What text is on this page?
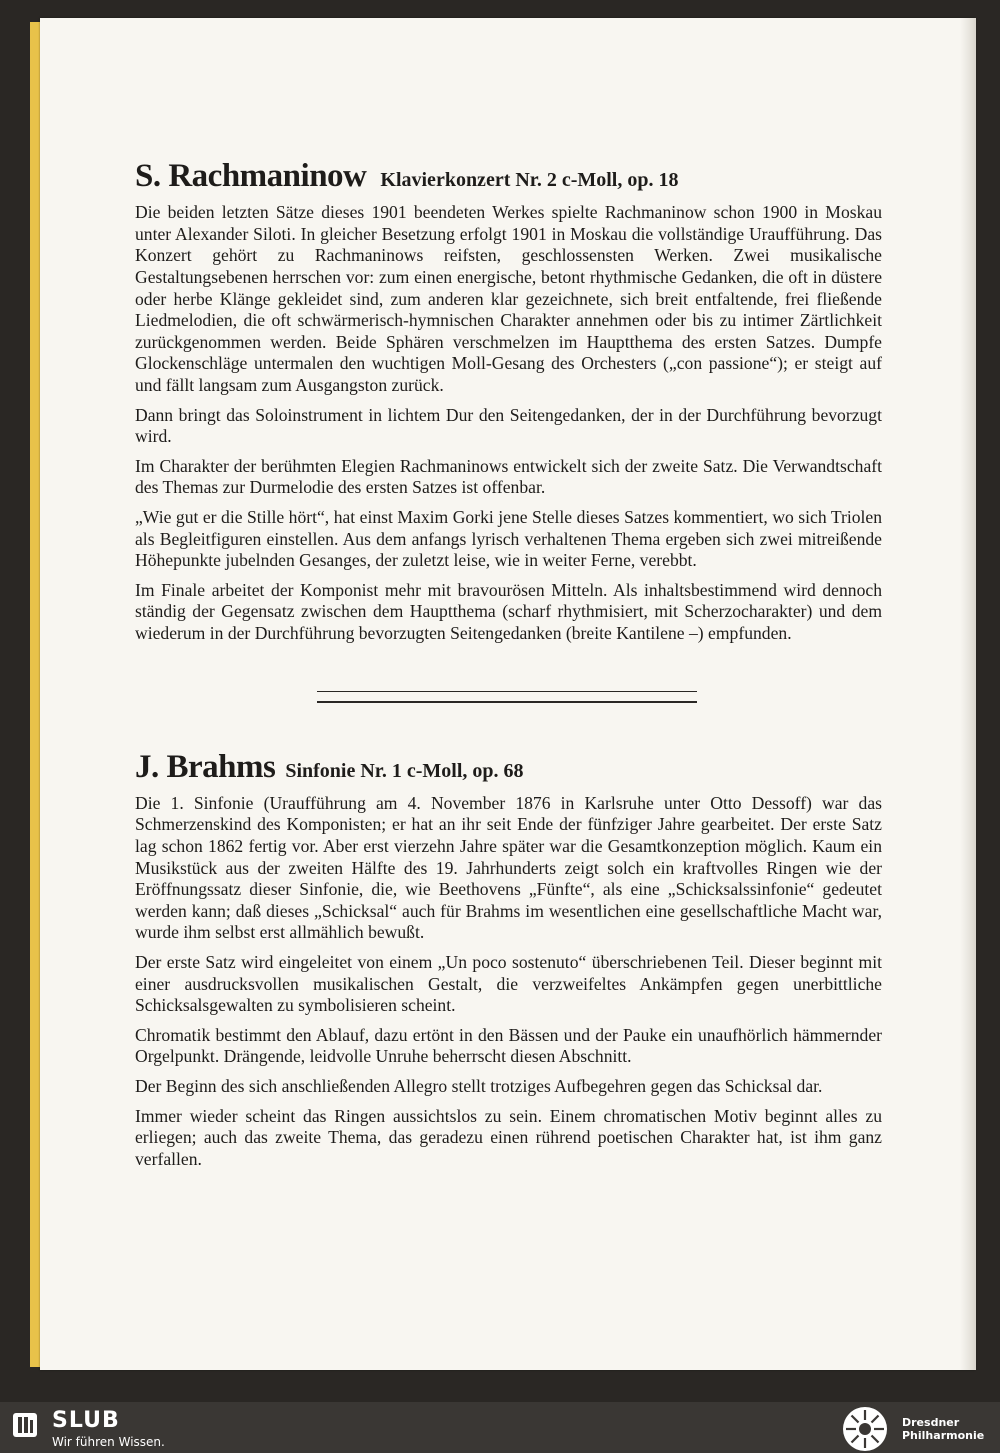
S. Rachmaninow Klavierkonzert Nr. 2 c-Moll, op. 18

Die beiden letzten Sätze dieses 1901 beendeten Werkes spielte Rachmaninow schon 1900 in Moskau unter Alexander Siloti. In gleicher Besetzung erfolgt 1901 in Moskau die vollständige Uraufführung. Das Konzert gehört zu Rachmaninows reifsten, geschlossensten Werken. Zwei musikalische Gestaltungsebenen herrschen vor: zum einen energische, betont rhythmische Gedanken, die oft in düstere oder herbe Klänge gekleidet sind, zum anderen klar gezeichnete, sich breit entfaltende, frei fließende Liedmelodien, die oft schwärmerisch-hymnischen Charakter annehmen oder bis zu intimer Zärtlichkeit zurückgenommen werden. Beide Sphären verschmelzen im Hauptthema des ersten Satzes. Dumpfe Glockenschläge untermalen den wuchtigen Moll-Gesang des Orchesters („con passione“); er steigt auf und fällt langsam zum Ausgangston zurück.

Dann bringt das Soloinstrument in lichtem Dur den Seitengedanken, der in der Durchführung bevorzugt wird.

Im Charakter der berühmten Elegien Rachmaninows entwickelt sich der zweite Satz. Die Verwandtschaft des Themas zur Durmelodie des ersten Satzes ist offenbar.

„Wie gut er die Stille hört“, hat einst Maxim Gorki jene Stelle dieses Satzes kommentiert, wo sich Triolen als Begleitfiguren einstellen. Aus dem anfangs lyrisch verhaltenen Thema ergeben sich zwei mitreißende Höhepunkte jubelnden Gesanges, der zuletzt leise, wie in weiter Ferne, verebbt.

Im Finale arbeitet der Komponist mehr mit bravourösen Mitteln. Als inhaltsbestimmend wird dennoch ständig der Gegensatz zwischen dem Hauptthema (scharf rhythmisiert, mit Scherzocharakter) und dem wiederum in der Durchführung bevorzugten Seitengedanken (breite Kantilene –) empfunden.

J. Brahms Sinfonie Nr. 1 c-Moll, op. 68

Die 1. Sinfonie (Uraufführung am 4. November 1876 in Karlsruhe unter Otto Dessoff) war das Schmerzenskind des Komponisten; er hat an ihr seit Ende der fünfziger Jahre gearbeitet. Der erste Satz lag schon 1862 fertig vor. Aber erst vierzehn Jahre später war die Gesamtkonzeption möglich. Kaum ein Musikstück aus der zweiten Hälfte des 19. Jahrhunderts zeigt solch ein kraftvolles Ringen wie der Eröffnungssatz dieser Sinfonie, die, wie Beethovens „Fünfte“, als eine „Schicksalssinfonie“ gedeutet werden kann; daß dieses „Schicksal“ auch für Brahms im wesentlichen eine gesellschaftliche Macht war, wurde ihm selbst erst allmählich bewußt.

Der erste Satz wird eingeleitet von einem „Un poco sostenuto“ überschriebenen Teil. Dieser beginnt mit einer ausdrucksvollen musikalischen Gestalt, die verzweifeltes Ankämpfen gegen unerbittliche Schicksalsgewalten zu symbolisieren scheint.

Chromatik bestimmt den Ablauf, dazu ertönt in den Bässen und der Pauke ein unaufhörlich hämmernder Orgelpunkt. Drängende, leidvolle Unruhe beherrscht diesen Abschnitt.

Der Beginn des sich anschließenden Allegro stellt trotziges Aufbegehren gegen das Schicksal dar.

Immer wieder scheint das Ringen aussichtslos zu sein. Einem chromatischen Motiv beginnt alles zu erliegen; auch das zweite Thema, das geradezu einen rührend poetischen Charakter hat, ist ihm ganz verfallen.

SLUB
Wir führen Wissen.
Dresdner
Philharmonie
